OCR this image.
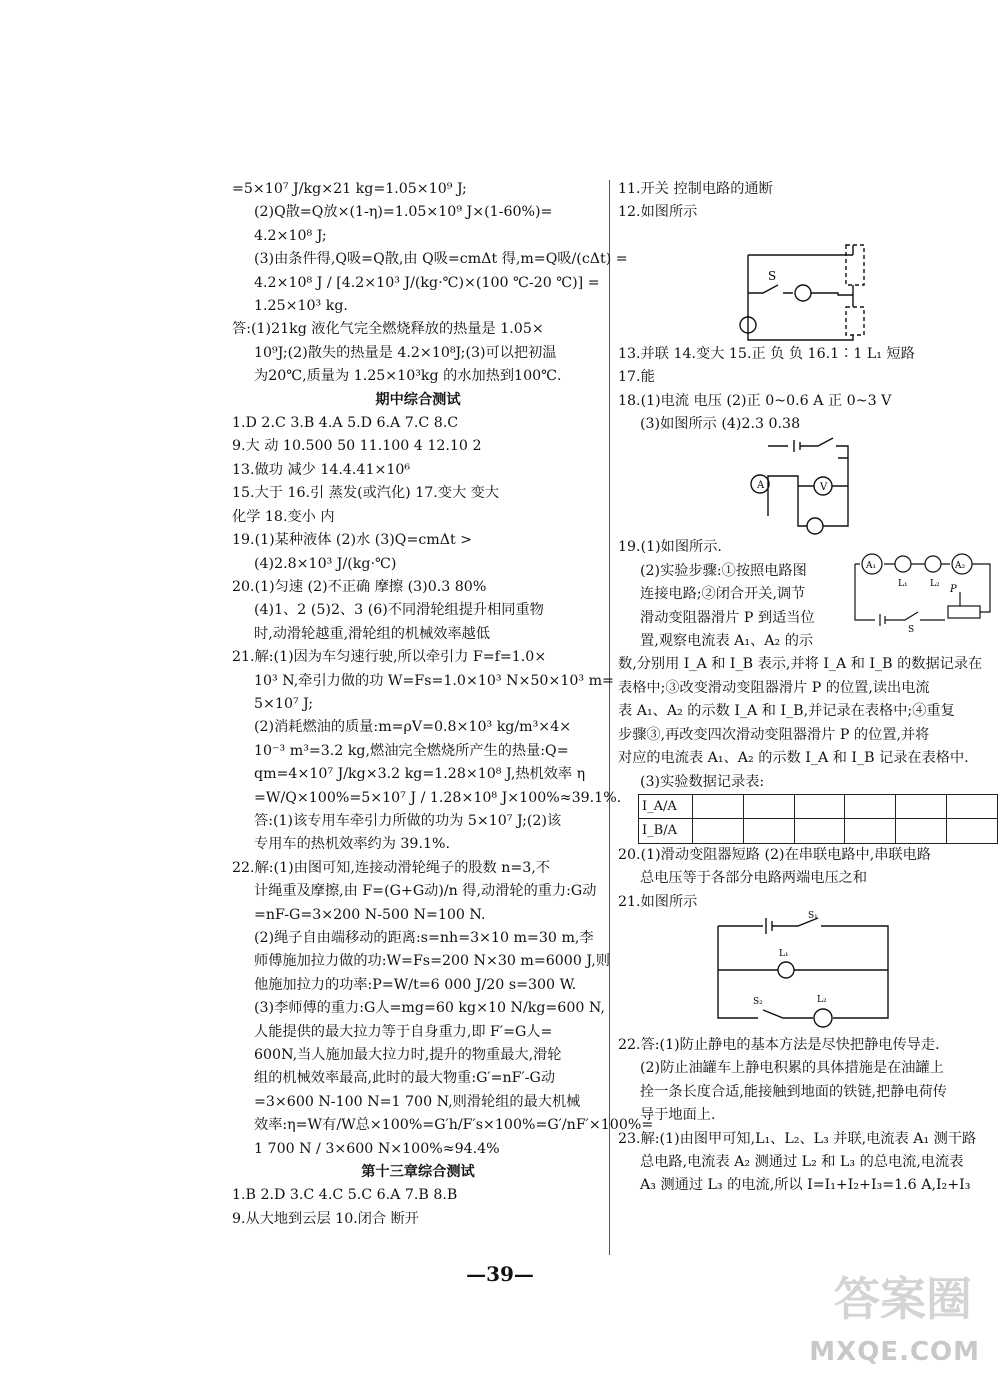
=5×10⁷ J/kg×21 kg=1.05×10⁹ J;
(2)Q散=Q放×(1-η)=1.05×10⁹ J×(1-60%)=
4.2×10⁸ J;
(3)由条件得,Q吸=Q散,由 Q吸=cmΔt 得,m=Q吸/(cΔt) =
4.2×10⁸ J / [4.2×10³ J/(kg·℃)×(100 ℃-20 ℃)] =
1.25×10³ kg.
答:(1)21kg 液化气完全燃烧释放的热量是 1.05×
10⁹J;(2)散失的热量是 4.2×10⁸J;(3)可以把初温
为20℃,质量为 1.25×10³kg 的水加热到100℃.
期中综合测试
1.D 2.C 3.B 4.A 5.D 6.A 7.C 8.C
9.大 动 10.500 50 11.100 4 12.10 2
13.做功 减少 14.4.41×10⁶
15.大于 16.引 蒸发(或汽化) 17.变大 变大
化学 18.变小 内
19.(1)某种液体 (2)水 (3)Q=cmΔt >
(4)2.8×10³ J/(kg·℃)
20.(1)匀速 (2)不正确 摩擦 (3)0.3 80%
(4)1、2 (5)2、3 (6)不同滑轮组提升相同重物
时,动滑轮越重,滑轮组的机械效率越低
21.解:(1)因为车匀速行驶,所以牵引力 F=f=1.0×
10³ N,牵引力做的功 W=Fs=1.0×10³ N×50×10³ m=
5×10⁷ J;
(2)消耗燃油的质量:m=ρV=0.8×10³ kg/m³×4×
10⁻³ m³=3.2 kg,燃油完全燃烧所产生的热量:Q=
qm=4×10⁷ J/kg×3.2 kg=1.28×10⁸ J,热机效率 η
=W/Q×100%=5×10⁷ J / 1.28×10⁸ J×100%≈39.1%.
答:(1)该专用车牵引力所做的功为 5×10⁷ J;(2)该
专用车的热机效率约为 39.1%.
22.解:(1)由图可知,连接动滑轮绳子的股数 n=3,不
计绳重及摩擦,由 F=(G+G动)/n 得,动滑轮的重力:G动
=nF-G=3×200 N-500 N=100 N.
(2)绳子自由端移动的距离:s=nh=3×10 m=30 m,李
师傅施加拉力做的功:W=Fs=200 N×30 m=6000 J,则
他施加拉力的功率:P=W/t=6 000 J/20 s=300 W.
(3)李师傅的重力:G人=mg=60 kg×10 N/kg=600 N,
人能提供的最大拉力等于自身重力,即 F′=G人=
600N,当人施加最大拉力时,提升的物重最大,滑轮
组的机械效率最高,此时的最大物重:G′=nF′-G动
=3×600 N-100 N=1 700 N,则滑轮组的最大机械
效率:η=W有/W总×100%=G′h/F′s×100%=G′/nF′×100%=
1 700 N / 3×600 N×100%≈94.4%
第十三章综合测试
1.B 2.D 3.C 4.C 5.C 6.A 7.B 8.B
9.从大地到云层 10.闭合 断开
11.开关 控制电路的通断
12.如图所示
S
13.并联 14.变大 15.正 负 负 16.1∶1 L₁ 短路
17.能
18.(1)电流 电压 (2)正 0~0.6 A 正 0~3 V
(3)如图所示 (4)2.3 0.38
A	V
A₁	A₂
L₁ L₂ P
S
19.(1)如图所示.
(2)实验步骤:①按照电路图
连接电路;②闭合开关,调节
滑动变阻器滑片 P 到适当位
置,观察电流表 A₁、A₂ 的示
数,分别用 I_A 和 I_B 表示,并将 I_A 和 I_B 的数据记录在
表格中;③改变滑动变阻器滑片 P 的位置,读出电流
表 A₁、A₂ 的示数 I_A 和 I_B,并记录在表格中;④重复
步骤③,再改变四次滑动变阻器滑片 P 的位置,并将
对应的电流表 A₁、A₂ 的示数 I_A 和 I_B 记录在表格中.
(3)实验数据记录表:
I_A/A						
I_B/A						
20.(1)滑动变阻器短路 (2)在串联电路中,串联电路
总电压等于各部分电路两端电压之和
21.如图所示
S₁
L₁
S₂	L₂
22.答:(1)防止静电的基本方法是尽快把静电传导走.
(2)防止油罐车上静电积累的具体措施是在油罐上
拴一条长度合适,能接触到地面的铁链,把静电荷传
导于地面上.
23.解:(1)由图甲可知,L₁、L₂、L₃ 并联,电流表 A₁ 测干路
总电路,电流表 A₂ 测通过 L₂ 和 L₃ 的总电流,电流表
A₃ 测通过 L₃ 的电流,所以 I=I₁+I₂+I₃=1.6 A,I₂+I₃
—39—	答案圈
MXQE.COM
